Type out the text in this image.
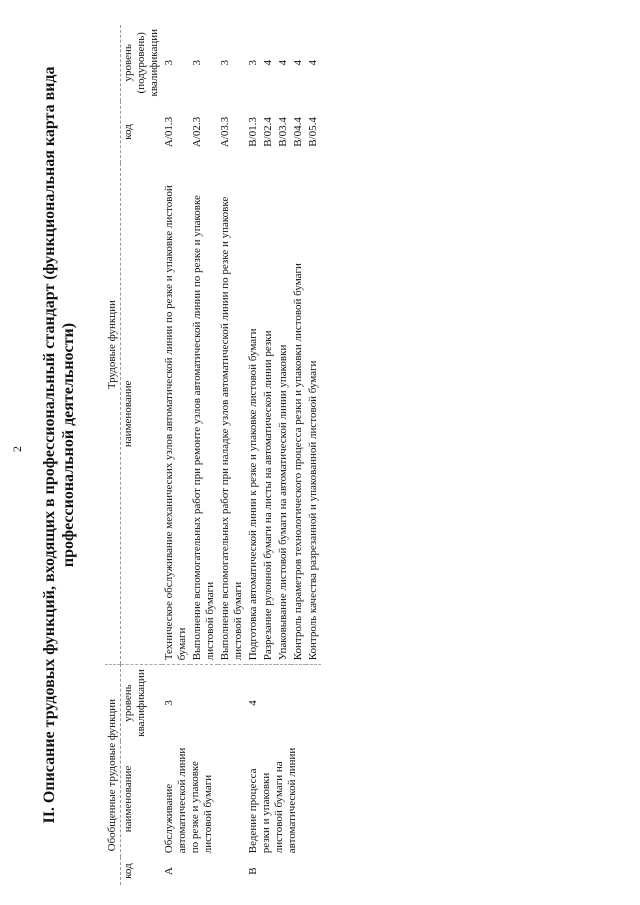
2 II. Описание трудовых функций, входящих в профессиональный стандарт (функциональная карта вида профессиональной деятельности)
Обобщенные трудовые функции			Трудовые функции		
код	наименование	уровень квалификации	наименование	код	уровень (подуровень) квалификации
A	Обслуживание автоматической линии по резке и упаковке листовой бумаги	3	Техническое обслуживание механических узлов автоматической линии по резке и упаковке листовой бумаги	A/01.3	3
			Выполнение вспомогательных работ при ремонте узлов автоматической линии по резке и упаковке листовой бумаги	A/02.3	3
			Выполнение вспомогательных работ при наладке узлов автоматической линии по резке и упаковке листовой бумаги	A/03.3	3
B	Ведение процесса резки и упаковки листовой бумаги на автоматической линии	4	Подготовка автоматической линии к резке и упаковке листовой бумаги	B/01.3	3
			Разрезание рулонной бумаги на листы на автоматической линии резки	B/02.4	4
			Упаковывание листовой бумаги на автоматической линии упаковки	B/03.4	4
			Контроль параметров технологического процесса резки и упаковки листовой бумаги	B/04.4	4
			Контроль качества разрезанной и упакованной листовой бумаги	B/05.4	4
